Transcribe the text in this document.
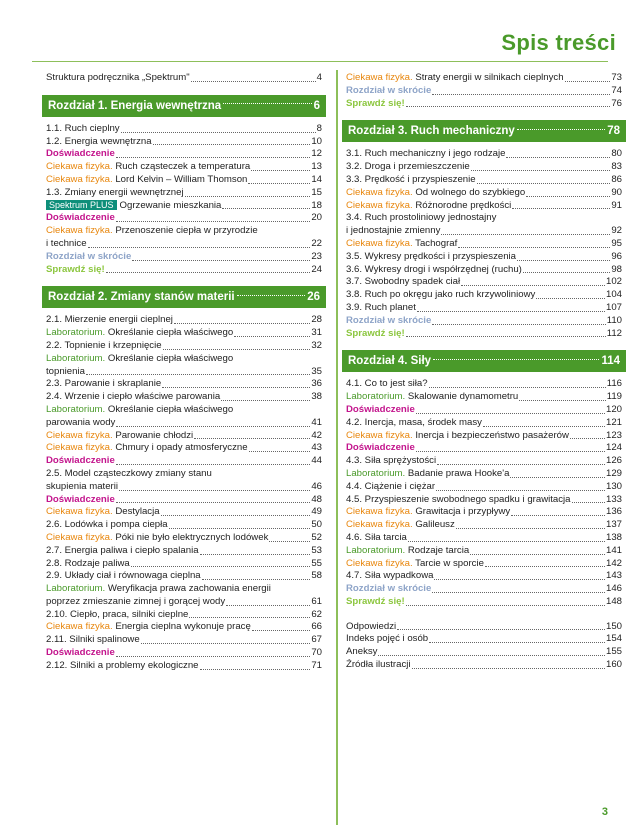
Spis treści
Struktura podręcznika „Spektrum"	4
Rozdział 1. Energia wewnętrzna	6
1.1. Ruch cieplny	8
1.2. Energia wewnętrzna	10
Doświadczenie	12
Ciekawa fizyka. Ruch cząsteczek a temperatura	13
Ciekawa fizyka. Lord Kelvin – William Thomson	14
1.3. Zmiany energii wewnętrznej	15
Spektrum PLUS Ogrzewanie mieszkania	18
Doświadczenie	20
Ciekawa fizyka. Przenoszenie ciepła w przyrodzie
i technice	22
Rozdział w skrócie	23
Sprawdź się!	24
Rozdział 2. Zmiany stanów materii	26
2.1. Mierzenie energii cieplnej	28
Laboratorium. Określanie ciepła właściwego	31
2.2. Topnienie i krzepnięcie	32
Laboratorium. Określanie ciepła właściwego
topnienia	35
2.3. Parowanie i skraplanie	36
2.4. Wrzenie i ciepło właściwe parowania	38
Laboratorium. Określanie ciepła właściwego
parowania wody	41
Ciekawa fizyka. Parowanie chłodzi	42
Ciekawa fizyka. Chmury i opady atmosferyczne	43
Doświadczenie	44
2.5. Model cząsteczkowy zmiany stanu
skupienia materii	46
Doświadczenie	48
Ciekawa fizyka. Destylacja	49
2.6. Lodówka i pompa ciepła	50
Ciekawa fizyka. Póki nie było elektrycznych lodówek	52
2.7. Energia paliwa i ciepło spalania	53
2.8. Rodzaje paliwa	55
2.9. Układy ciał i równowaga cieplna	58
Laboratorium. Weryfikacja prawa zachowania energii
poprzez zmieszanie zimnej i gorącej wody	61
2.10. Ciepło, praca, silniki cieplne	62
Ciekawa fizyka. Energia cieplna wykonuje pracę	66
2.11. Silniki spalinowe	67
Doświadczenie	70
2.12. Silniki a problemy ekologiczne	71
Ciekawa fizyka. Straty energii w silnikach cieplnych	73
Rozdział w skrócie	74
Sprawdź się!	76
Rozdział 3. Ruch mechaniczny	78
3.1. Ruch mechaniczny i jego rodzaje	80
3.2. Droga i przemieszczenie	83
3.3. Prędkość i przyspieszenie	86
Ciekawa fizyka. Od wolnego do szybkiego	90
Ciekawa fizyka. Różnorodne prędkości	91
3.4. Ruch prostoliniowy jednostajny
i jednostajnie zmienny	92
Ciekawa fizyka. Tachograf	95
3.5. Wykresy prędkości i przyspieszenia	96
3.6. Wykresy drogi i współrzędnej (ruchu)	98
3.7. Swobodny spadek ciał	102
3.8. Ruch po okręgu jako ruch krzywoliniowy	104
3.9. Ruch planet	107
Rozdział w skrócie	110
Sprawdź się!	112
Rozdział 4. Siły	114
4.1. Co to jest siła?	116
Laboratorium. Skalowanie dynamometru	119
Doświadczenie	120
4.2. Inercja, masa, środek masy	121
Ciekawa fizyka. Inercja i bezpieczeństwo pasażerów	123
Doświadczenie	124
4.3. Siła sprężystości	126
Laboratorium. Badanie prawa Hooke'a	129
4.4. Ciążenie i ciężar	130
4.5. Przyspieszenie swobodnego spadku i grawitacja	133
Ciekawa fizyka. Grawitacja i przypływy	136
Ciekawa fizyka. Galileusz	137
4.6. Siła tarcia	138
Laboratorium. Rodzaje tarcia	141
Ciekawa fizyka. Tarcie w sporcie	142
4.7. Siła wypadkowa	143
Rozdział w skrócie	146
Sprawdź się!	148
Odpowiedzi	150
Indeks pojęć i osób	154
Aneksy	155
Źródła ilustracji	160
3
